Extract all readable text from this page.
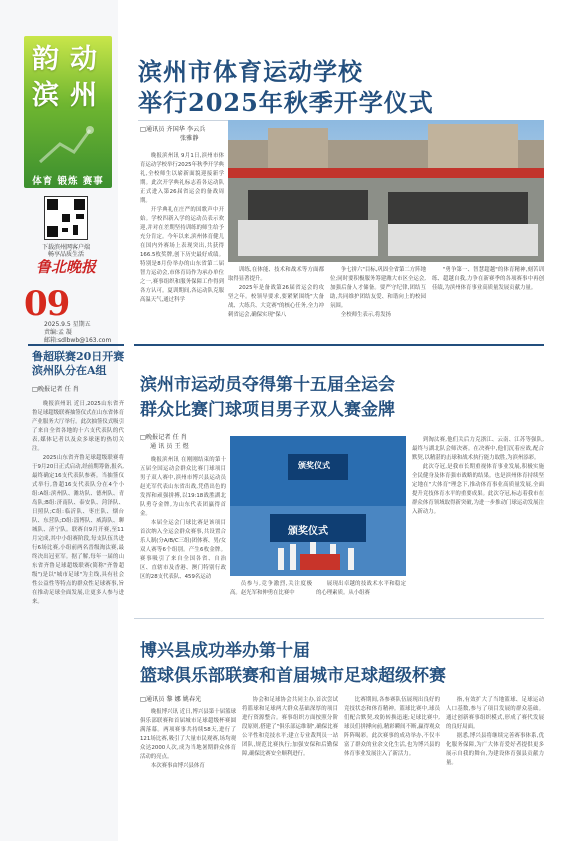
韵
滨
动
州
体育 锻炼 赛事
下载滨州网客户端
畅享品质生活
鲁北晚报
09
2025.9.5 星期五
责编:孟 凝
邮箱:sdlbwb@163.com
滨州市体育运动学校
举行2025年秋季开学仪式
□通讯员 齐国华 李云兵
张雅静

晚报滨州讯 9月1日,滨州市体育运动学校举行2025年秋季开学典礼,全校师生以崭新面貌迎接新学期。此次开学典礼标志着各运动队正式进入第26届省运会的备战周期。

开学典礼在庄严的国歌声中开始。学校四新入学的运动员表示欢迎,并对在差期坚持训练的师生给予充分肯定。今年以来,滨州体育健儿在国内外赛场上表现突出,共获得166.5枚奖牌,创下历史最好成绩。特别是8月份举办的山东省第二届智力运动会,市体育局作为承办单位之一,赛事组织和服务保障工作得到各方认可。夏训期间,各运动队克服高温天气,通过科学

训练,在体能、技术和战术等方面都取得显著提升。

2025年是备战第26届省运会的攻坚之年。校领导要求,要紧紧围绕"大备战、大练兵、大竞赛"的核心任务,全力冲刺省运会,确保实现"保八

争七拼六"目标,巩固全省第二方阵地位;同时要积极服务筹建潍大市区全运会,加强后备人才储备。要严守纪律,团结互助,共同维护团结友爱、和谐向上的校园氛围。

全校师生表示,将发扬

"勇争第一、智慧超越"的体育精神,刻苦训练、超越自我,力争在新赛季的各项赛事中再创佳绩,为滨州体育事业高质量发展贡献力量。

鲁超联赛20日开赛
滨州队分在A组
□晚报记者 任 肖

晚报滨州讯 近日,2025山东省齐鲁足球超级联赛抽签仪式在山东省体育产业服务大厅举行。此次抽签仪式吸引了来自全省各地的十六支代表队的代表,媒体记者以及众多球迷的热切关注。

2025山东省齐鲁足球超级联赛将于9月20日正式启动,经前期筹备,报名,最终确定16支代表队参赛。当抽签仪式举行,鲁超16支代表队分在4个小组:A组:滨州队、潍坊队、德州队、青岛队;B组:济南队、泰安队、菏泽队、日照队;C组:临沂队、枣庄队、烟台队、东营队;D组:淄博队、威海队、聊城队、济宁队。联赛自9月开赛,至11月完成,其中小组赛阶段,每支队伍共进行6场比赛,小组前两名晋级淘汰赛,最终决出冠亚军。据了解,每年一届的山东省齐鲁足球超级联赛(简称"齐鲁超级")是以"城市足球"为主线,具有社会性公益性等特点的群众性足球赛事,旨在推动足球全面发展,让更多人参与进来。

滨州市运动员夺得第十五届全运会
群众比赛门球项目男子双人赛金牌
□晚报记者 任 肖
通 讯 员 王 煜
颁奖仪式
颁奖仪式

晚报滨州讯 在刚刚结束的第十五届全国运动会群众比赛门球项目男子双人赛中,滨州市博兴县运动员赵光军代表山东省出战,凭借出色的发挥和顽强拼搏,以19:18战胜湖北队勇夺金牌,为山东代表团赢得首金。

本届全运会门球比赛是该项目首次纳入全运会群众赛事,共设置合乐人制(分A/B/C三组)团体赛、男/女双人赛等6个组别。产生6枚金牌。赛事吸引了来自全国各省、自治区、直辖市及香港、澳门特别行政区的28支代表队、459名运动

员参与,竞争激烈,关注度极高。赵光军和伸勇在比赛中

展现出卓越的技战术水平和稳定的心理素质。从小组赛

到淘汰赛,他们关后力克浙江、云南、江苏等强队,最终与湖北队会师决赛。在决赛中,他们沉着应战,配合默契,以精湛的击球和战术执行能力取胜,为滨州添彩。

此次夺冠,是我市长期重视体育事业发展,积极实施全民健身及体育强市战略的结果。也是滨州体育持续坚定地在"大体育"理念下,推动体育事业高质量发展,全面提升竞技体育水平的重要成果。此次夺冠,标志着我市在群众体育领域取得新突破,为进一步推动门球运动发展注入新动力。

博兴县成功举办第十届
篮球俱乐部联赛和首届城市足球超级杯赛
□通讯员 黎 娜 姚春光

晚报博兴讯 近日,博兴县第十届篮球俱乐部联赛和首届城市足球超级杯赛圆满落幕。两项赛事共持续58天,进行了121场比赛,吸引了大量市民观赛,场均观众达2000人次,成为当地暑期群众体育活动的亮点。

本次赛事由博兴县体育

协会和足球协会共同主办,首次尝试将篮球和足球两大群众基础深厚的项目进行资源整合。赛事组织方面按照分阶段原则,搭建了"俱乐部运维制",确保比赛公平性和竞技水平;建立专业裁判员一站团队,规范比赛执行;加强安保和后勤保障,确保比赛安全顺利进行。

比赛期间,各参赛队伍展现出良好的竞技状态和体育精神。篮球比赛中,球员们配合默契,攻防转换迅速;足球比赛中,球员们拼搏向前,精彩瞬间不断,赢得观众阵阵喝彩。此次赛事的成功举办,不仅丰富了群众的业余文化生活,也为博兴县的体育事业发展注入了新活力。

指,有效扩大了当地篮球、足球运动人口基数,参与了项目发展的群众基础。通过创新赛事组织模式,形成了赛代发展的良好局面。

据悉,博兴县将继续完善赛事体系,优化服务保障,为广大体育爱好者提供更多展示自我的舞台,为建设体育强县贡献力量。
